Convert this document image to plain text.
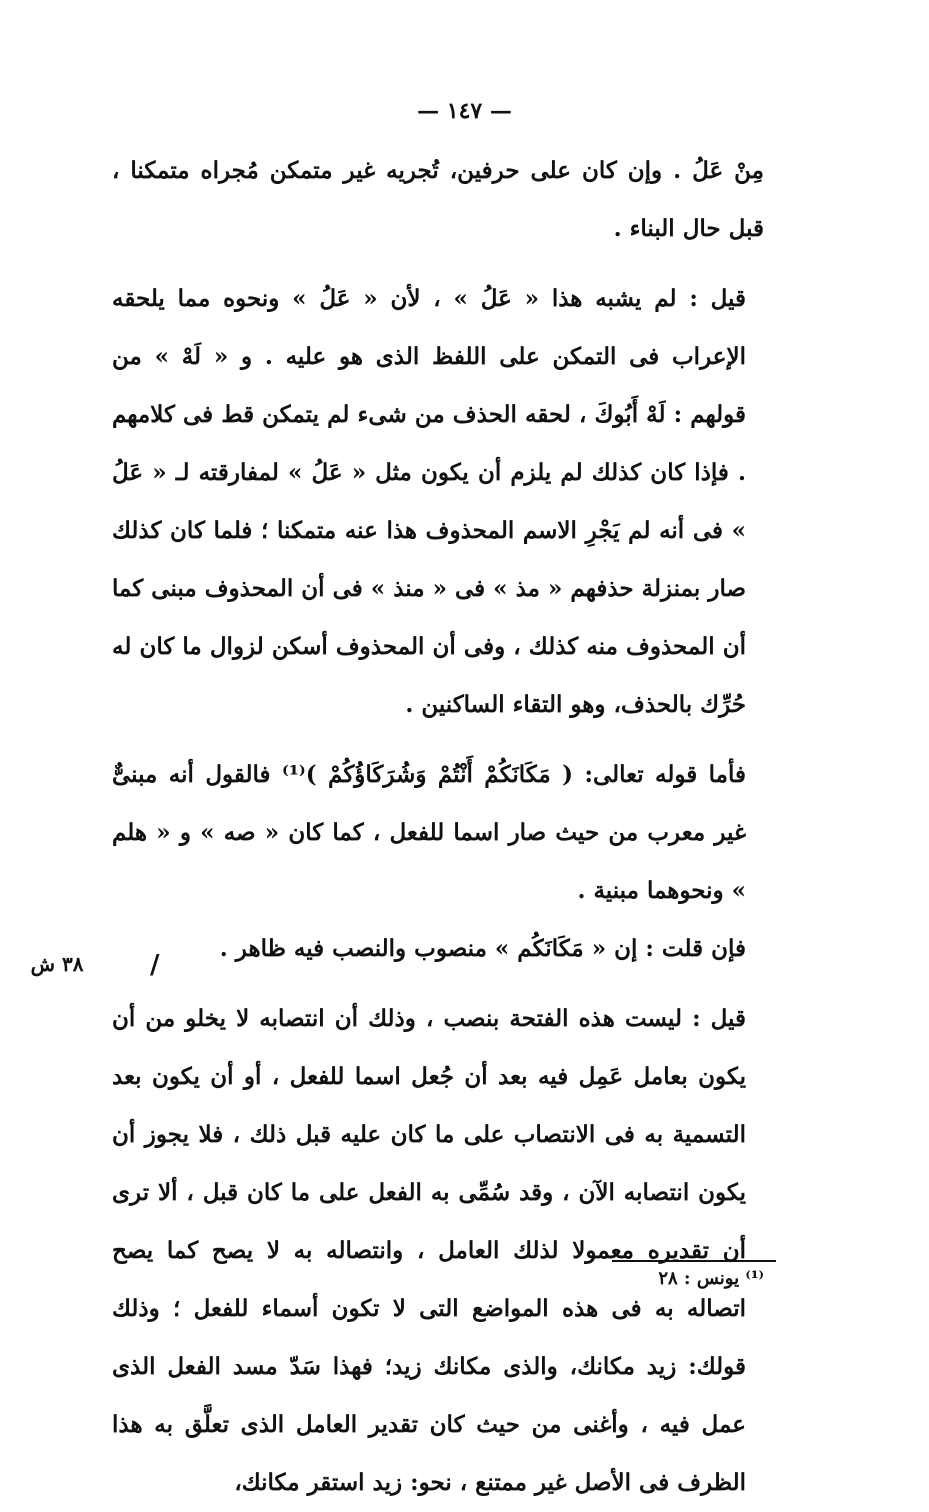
— ١٤٧ —

مِنْ عَلُ . وإن كان على حرفين، تُجريه غير متمكن مُجراه متمكنا ، قبل حال البناء .

قيل : لم يشبه هذا « عَلُ » ، لأن « عَلُ » ونحوه مما يلحقه الإعراب فى التمكن على اللفظ الذى هو عليه . و « لَهْ » من قولهم : لَهْ أَبُوكَ ، لحقه الحذف من شىء لم يتمكن قط فى كلامهم . فإذا كان كذلك لم يلزم أن يكون مثل « عَلُ » لمفارقته لـ « عَلُ » فى أنه لم يَجْرِ الاسم المحذوف هذا عنه متمكنا ؛ فلما كان كذلك صار بمنزلة حذفهم « مذ » فى « منذ » فى أن المحذوف مبنى كما أن المحذوف منه كذلك ، وفى أن المحذوف أسكن لزوال ما كان له حُرِّك بالحذف، وهو التقاء الساكنين .

فأما قوله تعالى: ( مَكَانَكُمْ أَنْتُمْ وَشُرَكَاؤُكُمْ )⁽¹⁾ فالقول أنه مبنىٌّ غير معرب من حيث صار اسما للفعل ، كما كان « صه » و « هلم » ونحوهما مبنية .

فإن قلت : إن « مَكَانَكُم » منصوب والنصب فيه ظاهر .

قيل : ليست هذه الفتحة بنصب ، وذلك أن انتصابه لا يخلو من أن يكون بعامل عَمِل فيه بعد أن جُعل اسما للفعل ، أو أن يكون بعد التسمية به فى الانتصاب على ما كان عليه قبل ذلك ، فلا يجوز أن يكون انتصابه الآن ، وقد سُمِّى به الفعل على ما كان قبل ، ألا ترى أن تقديره معمولا لذلك العامل ، وانتصاله به لا يصح كما يصح اتصاله به فى هذه المواضع التى لا تكون أسماء للفعل ؛ وذلك قولك: زيد مكانك، والذى مكانك زيد؛ فهذا سَدّ مسد الفعل الذى عمل فيه ، وأغنى من حيث كان تقدير العامل الذى تعلَّق به هذا الظرف فى الأصل غير ممتنع ، نحو: زيد استقر مكانك،

٣٨ ش	/
⁽¹⁾ يونس : ٢٨
